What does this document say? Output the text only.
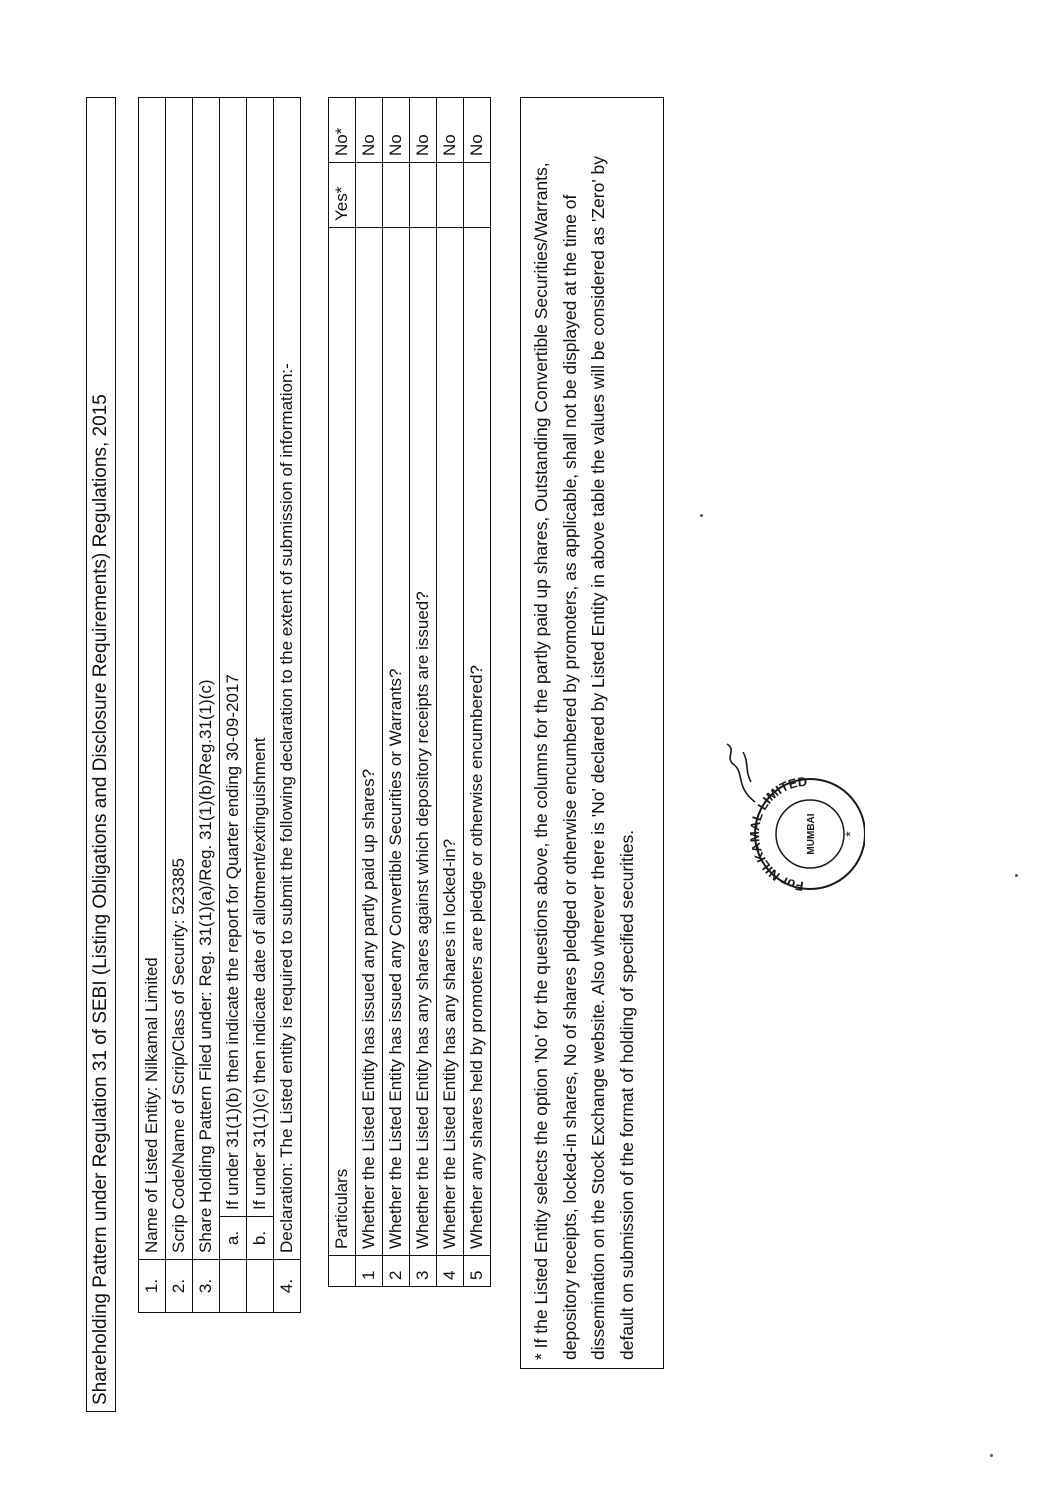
Shareholding Pattern under Regulation 31 of SEBI (Listing Obligations and Disclosure Requirements) Regulations, 2015 1.	Name of Listed Entity: Nilkamal Limited	
2.	Scrip Code/Name of Scrip/Class of Security: 523385	
3.	Share Holding Pattern Filed under: Reg. 31(1)(a)/Reg. 31(1)(b)/Reg.31(1)(c)	
	a.	If under 31(1)(b) then indicate the report for Quarter ending 30-09-2017
	b.	If under 31(1)(c) then indicate date of allotment/extinguishment
4.	Declaration: The Listed entity is required to submit the following declaration to the extent of submission of information:-	
	Particulars	Yes*	No*
1	Whether the Listed Entity has issued any partly paid up shares?		No
2	Whether the Listed Entity has issued any Convertible Securities or Warrants?		No
3	Whether the Listed Entity has any shares against which depository receipts are issued?		No
4	Whether the Listed Entity has any shares in locked-in?		No
5	Whether any shares held by promoters are pledge or otherwise encumbered?		No

* If the Listed Entity selects the option 'No' for the questions above, the columns for the partly paid up shares, Outstanding Convertible Securities/Warrants, depository receipts, locked-in shares, No of shares pledged or otherwise encumbered by promoters, as applicable, shall not be displayed at the time of dissemination on the Stock Exchange website. Also wherever there is 'No' declared by Listed Entity in above table the values will be considered as 'Zero' by default on submission of the format of holding of specified securities.	For NILKAMAL LIMITED
MUMBAI *
